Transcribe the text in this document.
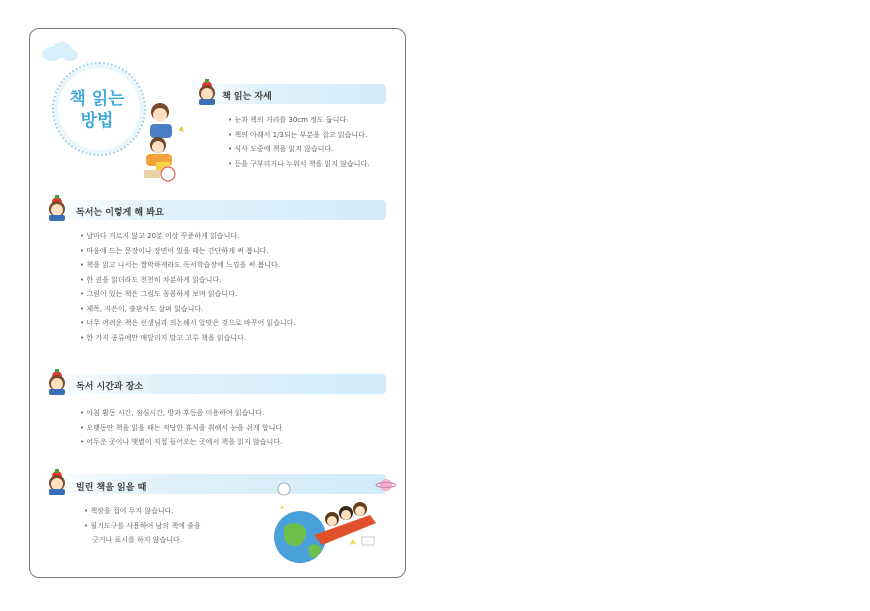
책 읽는
방법
책 읽는 자세
• 눈과 책의 거리를 30cm 정도 둡니다.
• 책의 아래서 1/3되는 부분을 잡고 읽습니다.
• 식사 도중에 책을 읽지 않습니다.
• 등을 구부리거나 누워서 책을 읽지 않습니다.
독서는 이렇게 해 봐요
• 날마다 거르지 않고 20분 이상 꾸준하게 읽습니다.
• 마음에 드는 문장이나 장면이 있을 때는 간단하게 써 봅니다.
• 책을 읽고 나서는 짤막하게라도 독서학습장에 느낌을 써 봅니다.
• 한 권을 읽더라도 천천히 차분하게 읽습니다.
• 그림이 있는 책은 그림도 꼼꼼하게 보며 읽습니다.
• 제목, 지은이, 출판사도 살펴 읽습니다.
• 너무 어려운 책은 선생님과 의논해서 알맞은 것으로 바꾸어 읽습니다.
• 한 가지 종류에만 매달리지 말고 고루 책을 읽습니다.
독서 시간과 장소
• 아침 활동 시간, 점심시간, 방과 후등을 이용하여 읽습니다.
• 오랫동안 책을 읽을 때는 적당한 휴식을 취해서 눈을 쉬게 합니다
• 어두운 곳이나 햇볕이 직접 들어오는 곳에서 책을 읽지 않습니다.
빌린 책을 읽을 때
• 책장을 접어 두지 않습니다.
• 필기도구를 사용하여 남의 책에 줄을
긋거나 표시를 하지 않습니다.
